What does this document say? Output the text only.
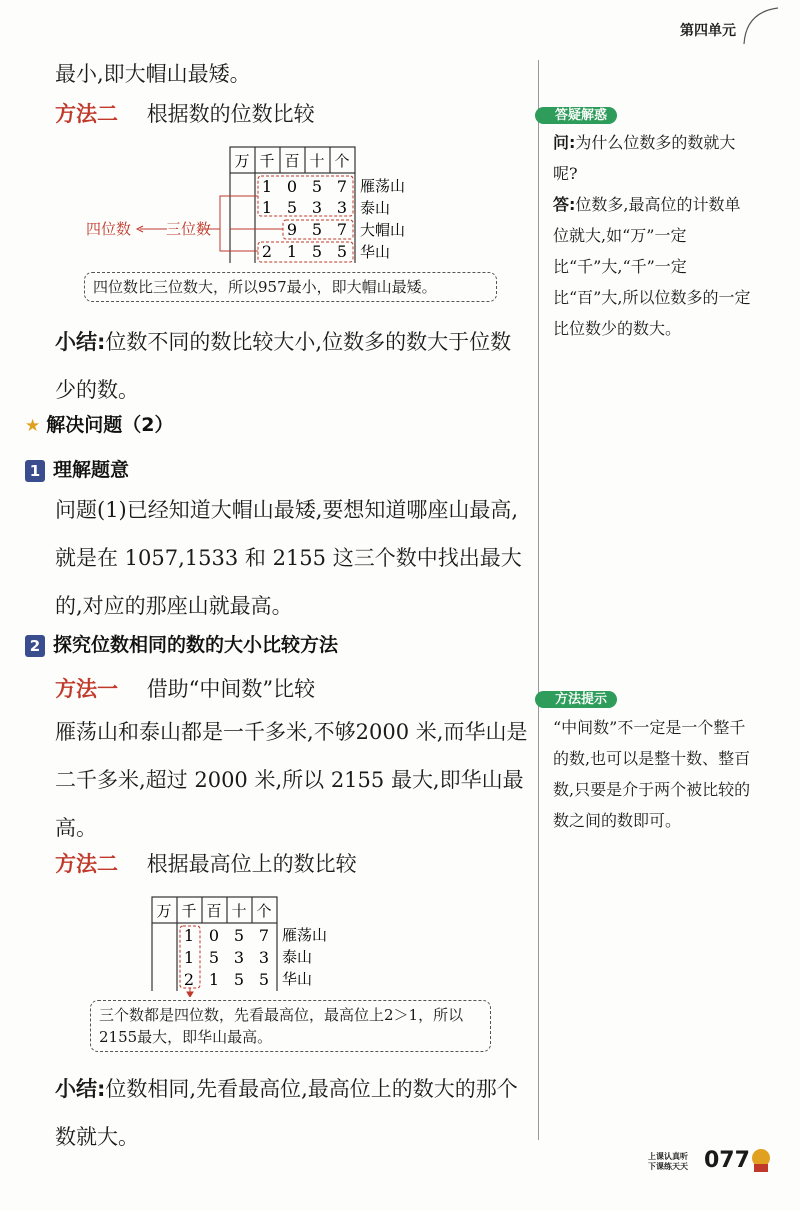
第四单元
最小,即大帽山最矮。
方法二 根据数的位数比较
万 千 百 十 个
1 0 5 7
1 5 3 3
9 5 7
2 1 5 5
雁荡山
泰山
大帽山
华山
四位数 三位数
四位数比三位数大，所以957最小，即大帽山最矮。
小结:位数不同的数比较大小,位数多的数大于位数少的数。
★ 解决问题（2）
1 理解题意
问题(1)已经知道大帽山最矮,要想知道哪座山最高,就是在 1057,1533 和 2155 这三个数中找出最大的,对应的那座山就最高。
2 探究位数相同的数的大小比较方法
方法一 借助“中间数”比较
雁荡山和泰山都是一千多米,不够2000 米,而华山是二千多米,超过 2000 米,所以 2155 最大,即华山最高。
方法二 根据最高位上的数比较
万 千 百 十 个
1 0 5 7
1 5 3 3
2 1 5 5
雁荡山
泰山
华山
三个数都是四位数，先看最高位，最高位上2＞1，所以2155最大，即华山最高。
小结:位数相同,先看最高位,最高位上的数大的那个数就大。
答疑解惑
问:为什么位数多的数就大呢?
答:位数多,最高位的计数单位就大,如“万”一定比“千”大,“千”一定比“百”大,所以位数多的一定比位数少的数大。
方法提示
“中间数”不一定是一个整千的数,也可以是整十数、整百数,只要是介于两个被比较的数之间的数即可。
上课认真听
下课练天天 077
